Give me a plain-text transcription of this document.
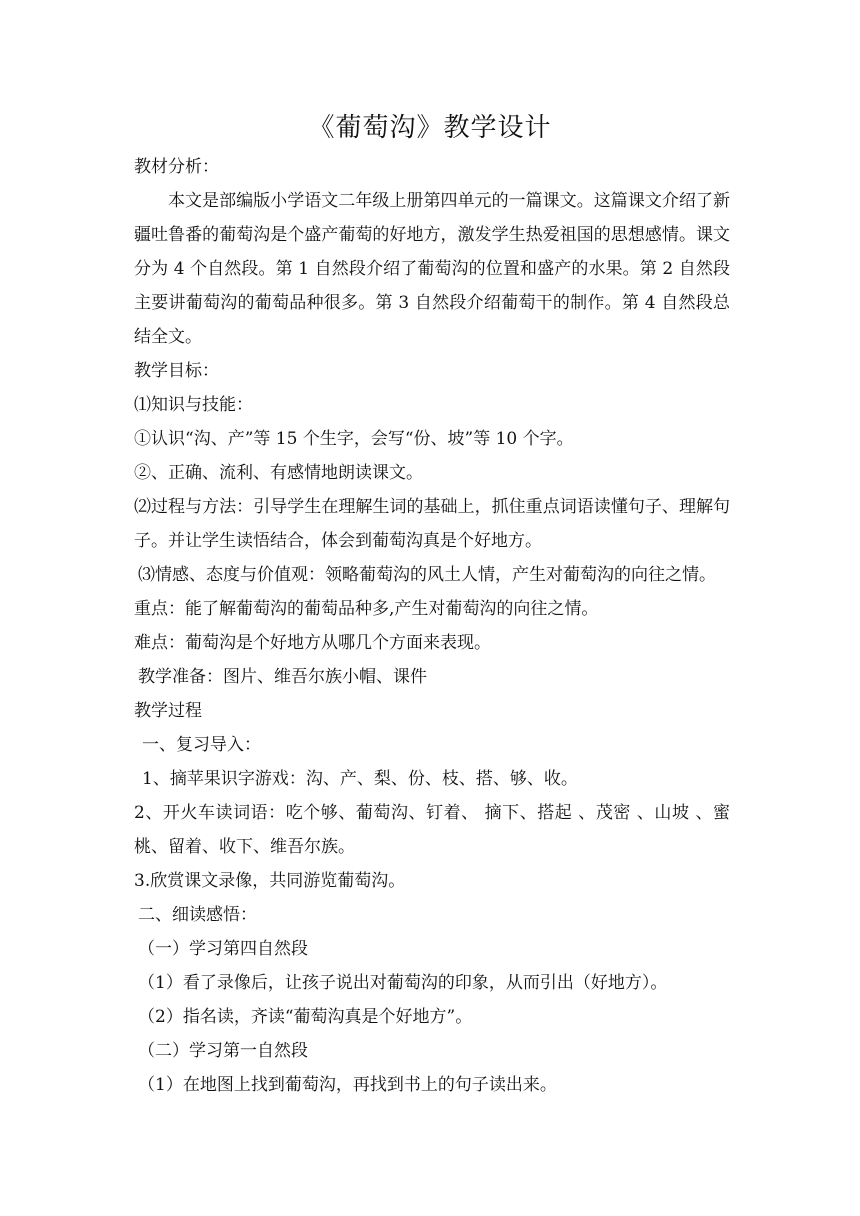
《葡萄沟》教学设计

教材分析：

本文是部编版小学语文二年级上册第四单元的一篇课文。这篇课文介绍了新疆吐鲁番的葡萄沟是个盛产葡萄的好地方，激发学生热爱祖国的思想感情。课文分为 4 个自然段。第 1 自然段介绍了葡萄沟的位置和盛产的水果。第 2 自然段主要讲葡萄沟的葡萄品种很多。第 3 自然段介绍葡萄干的制作。第 4 自然段总结全文。

教学目标：

⑴知识与技能：

①认识“沟、产”等 15 个生字，会写“份、坡”等 10 个字。

②、正确、流利、有感情地朗读课文。

⑵过程与方法：引导学生在理解生词的基础上，抓住重点词语读懂句子、理解句子。并让学生读悟结合，体会到葡萄沟真是个好地方。

⑶情感、态度与价值观：领略葡萄沟的风土人情，产生对葡萄沟的向往之情。

重点：能了解葡萄沟的葡萄品种多,产生对葡萄沟的向往之情。

难点：葡萄沟是个好地方从哪几个方面来表现。

教学准备：图片、维吾尔族小帽、课件

教学过程

一、复习导入：

1、摘苹果识字游戏：沟、产、梨、份、枝、搭、够、收。

2、开火车读词语：吃个够、葡萄沟、钉着、 摘下、搭起 、茂密 、山坡 、蜜桃、留着、收下、维吾尔族。

3.欣赏课文录像，共同游览葡萄沟。

二、细读感悟：

（一）学习第四自然段

（1）看了录像后，让孩子说出对葡萄沟的印象，从而引出（好地方）。

（2）指名读，齐读“葡萄沟真是个好地方”。

（二）学习第一自然段

（1）在地图上找到葡萄沟，再找到书上的句子读出来。
